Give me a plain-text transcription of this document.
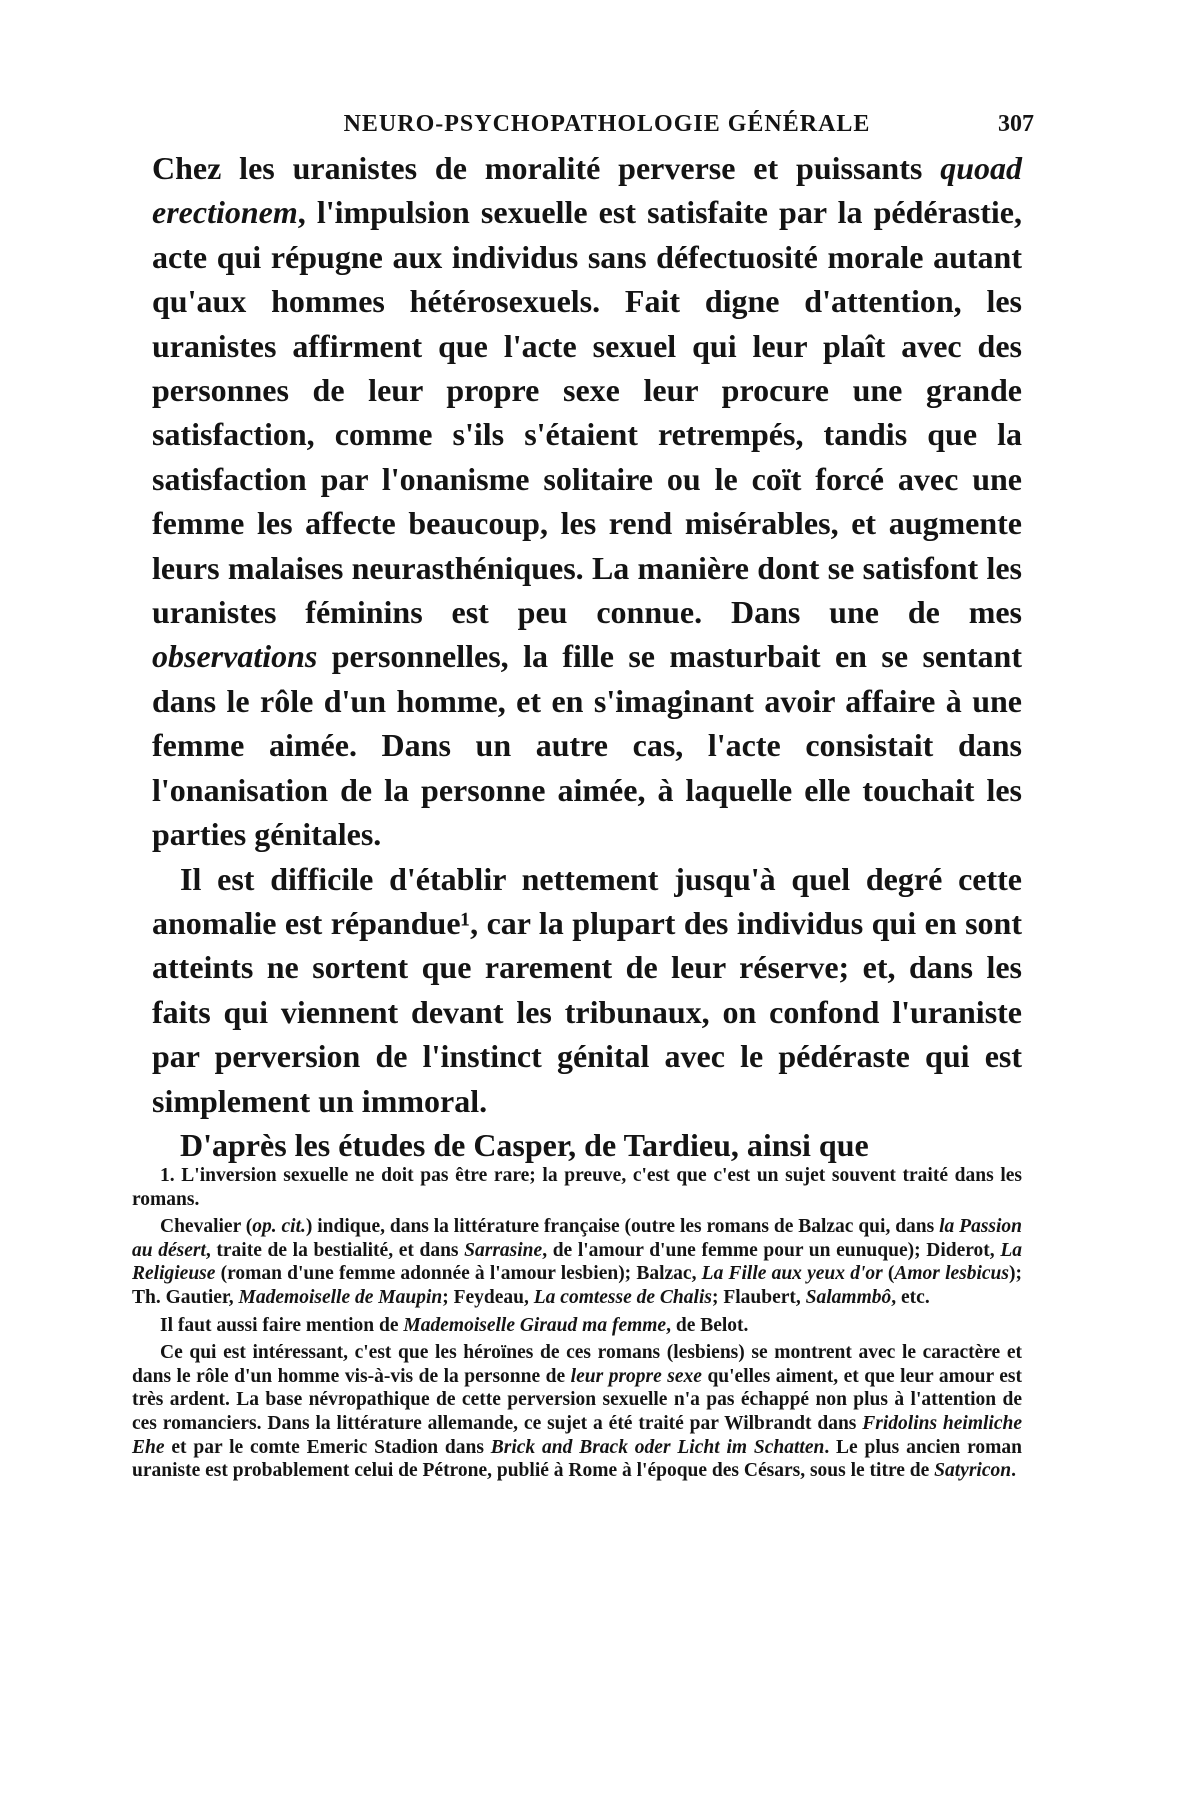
NEURO-PSYCHOPATHOLOGIE GÉNÉRALE	307

Chez les uranistes de moralité perverse et puissants quoad erectionem, l'impulsion sexuelle est satisfaite par la pédérastie, acte qui répugne aux individus sans défectuosité morale autant qu'aux hommes hétérosexuels. Fait digne d'attention, les uranistes affirment que l'acte sexuel qui leur plaît avec des personnes de leur propre sexe leur procure une grande satisfaction, comme s'ils s'étaient retrempés, tandis que la satisfaction par l'onanisme solitaire ou le coït forcé avec une femme les affecte beaucoup, les rend misérables, et augmente leurs malaises neurasthéniques. La manière dont se satisfont les uranistes féminins est peu connue. Dans une de mes observations personnelles, la fille se masturbait en se sentant dans le rôle d'un homme, et en s'imaginant avoir affaire à une femme aimée. Dans un autre cas, l'acte consistait dans l'onanisation de la personne aimée, à laquelle elle touchait les parties génitales.

Il est difficile d'établir nettement jusqu'à quel degré cette anomalie est répandue¹, car la plupart des individus qui en sont atteints ne sortent que rarement de leur réserve; et, dans les faits qui viennent devant les tribunaux, on confond l'uraniste par perversion de l'instinct génital avec le pédéraste qui est simplement un immoral.

D'après les études de Casper, de Tardieu, ainsi que

1. L'inversion sexuelle ne doit pas être rare; la preuve, c'est que c'est un sujet souvent traité dans les romans.

Chevalier (op. cit.) indique, dans la littérature française (outre les romans de Balzac qui, dans la Passion au désert, traite de la bestialité, et dans Sarrasine, de l'amour d'une femme pour un eunuque); Diderot, La Religieuse (roman d'une femme adonnée à l'amour lesbien); Balzac, La Fille aux yeux d'or (Amor lesbicus); Th. Gautier, Mademoiselle de Maupin; Feydeau, La comtesse de Chalis; Flaubert, Salammbô, etc.

Il faut aussi faire mention de Mademoiselle Giraud ma femme, de Belot.

Ce qui est intéressant, c'est que les héroïnes de ces romans (lesbiens) se montrent avec le caractère et dans le rôle d'un homme vis-à-vis de la personne de leur propre sexe qu'elles aiment, et que leur amour est très ardent. La base névropathique de cette perversion sexuelle n'a pas échappé non plus à l'attention de ces romanciers. Dans la littérature allemande, ce sujet a été traité par Wilbrandt dans Fridolins heimliche Ehe et par le comte Emeric Stadion dans Brick and Brack oder Licht im Schatten. Le plus ancien roman uraniste est probablement celui de Pétrone, publié à Rome à l'époque des Césars, sous le titre de Satyricon.
